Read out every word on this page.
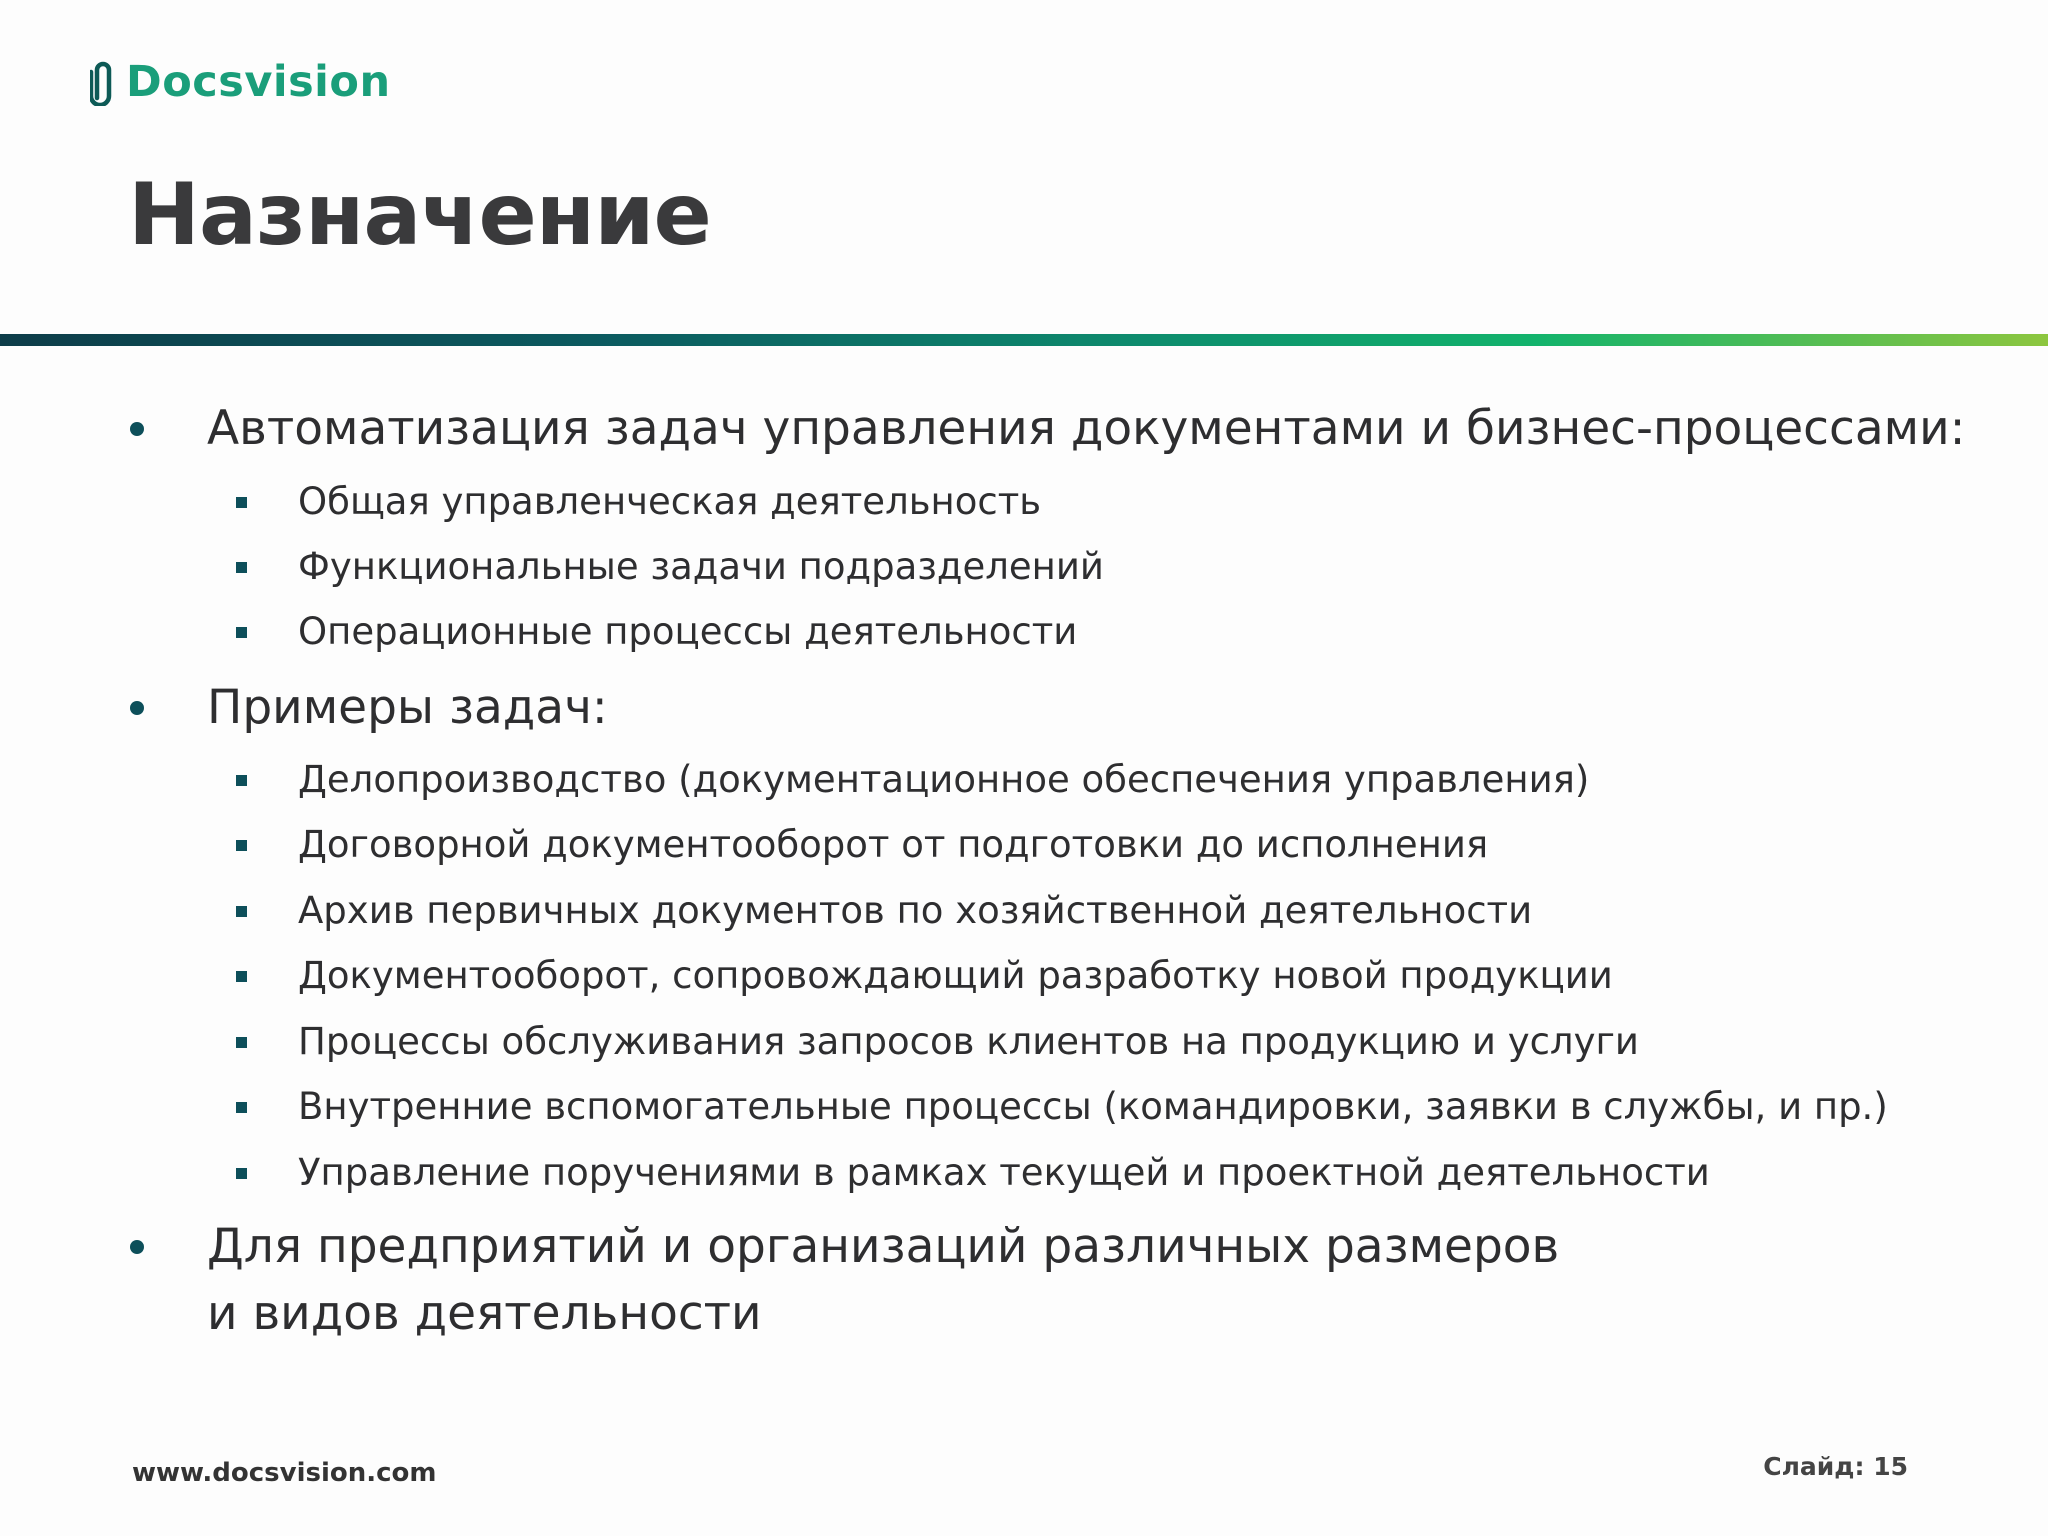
Docsvision
Назначение
Автоматизация задач управления документами и бизнес-процессами:
Общая управленческая деятельность
Функциональные задачи подразделений
Операционные процессы деятельности
Примеры задач:
Делопроизводство (документационное обеспечения управления)
Договорной документооборот от подготовки до исполнения
Архив первичных документов по хозяйственной деятельности
Документооборот, сопровождающий разработку новой продукции
Процессы обслуживания запросов клиентов на продукцию и услуги
Внутренние вспомогательные процессы (командировки, заявки в службы, и пр.)
Управление поручениями в рамках текущей и проектной деятельности
Для предприятий и организаций различных размеров
и видов деятельности
www.docsvision.com	Слайд: 15
